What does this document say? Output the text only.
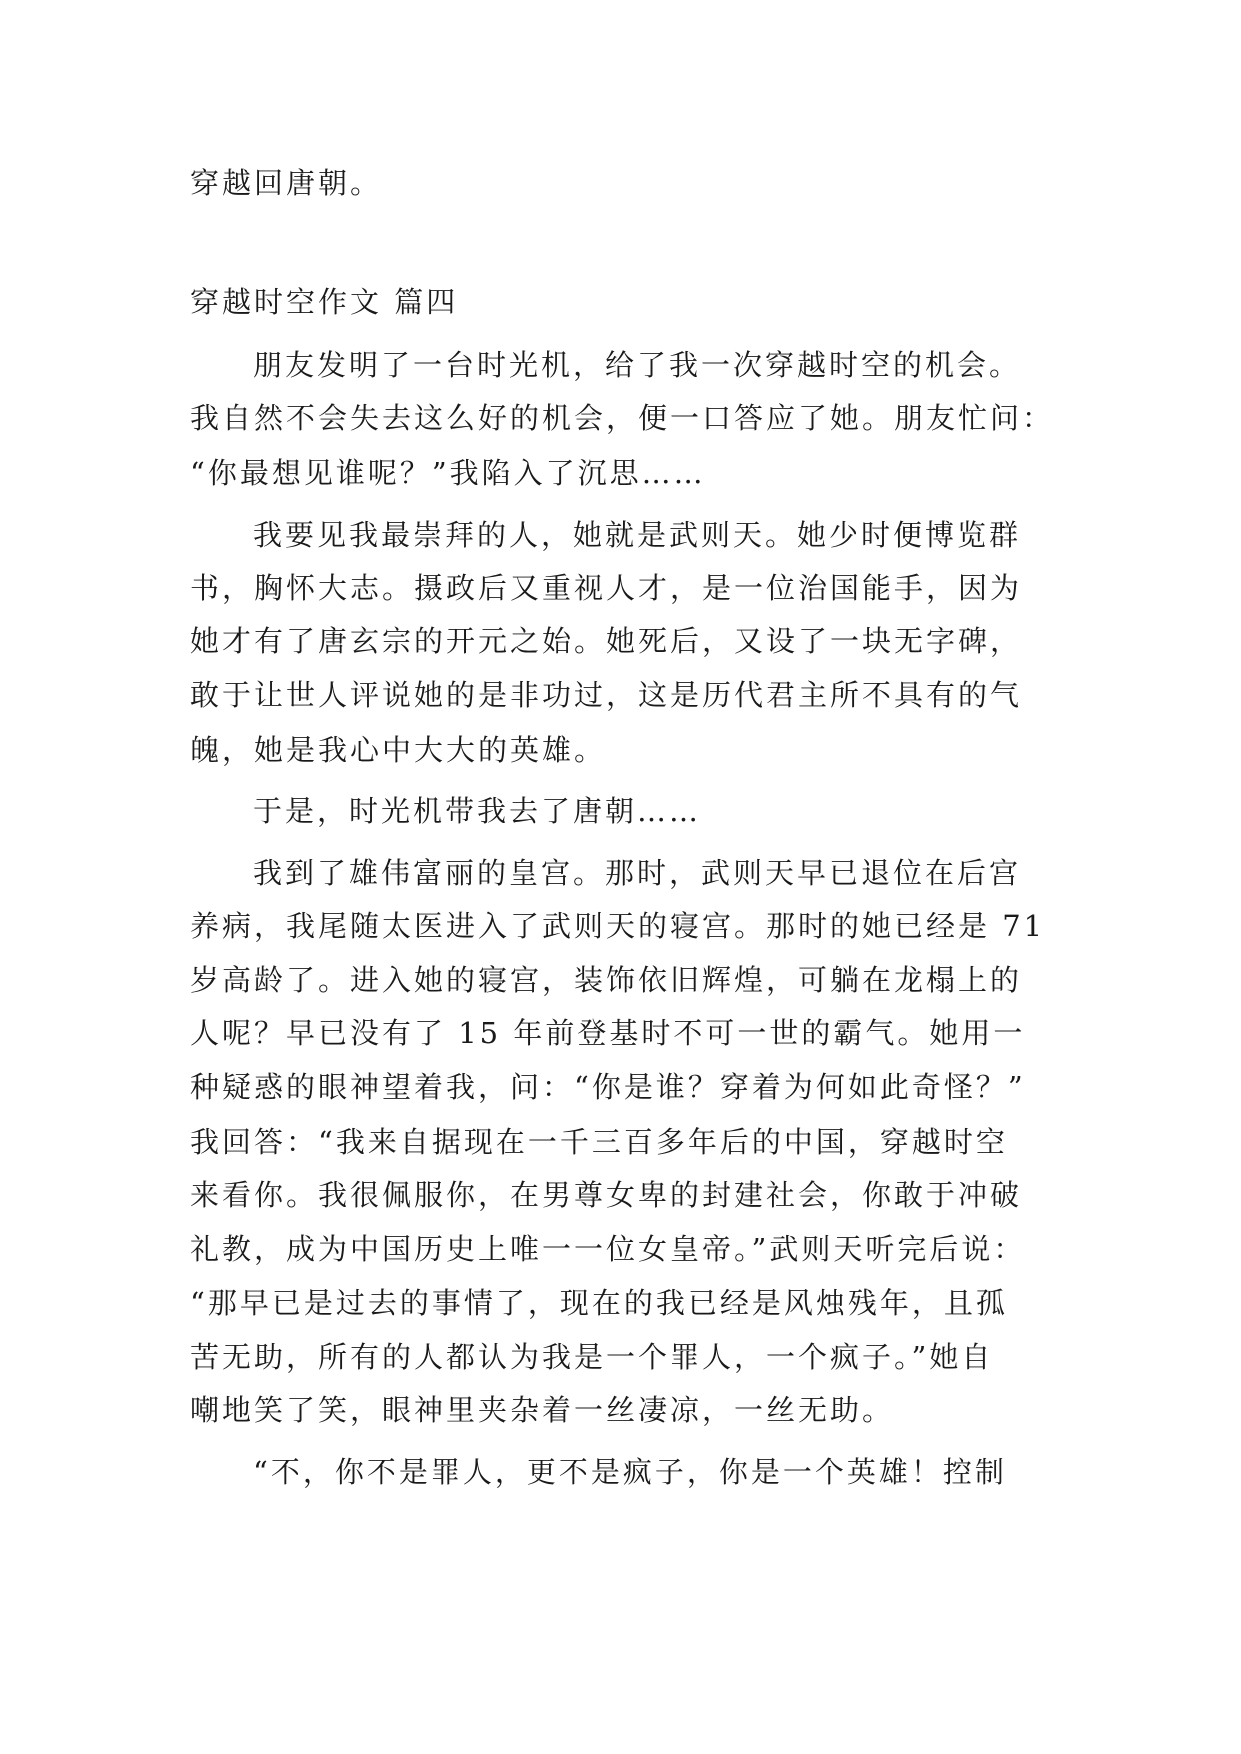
穿越回唐朝。
穿越时空作文 篇四
朋友发明了一台时光机，给了我一次穿越时空的机会。
我自然不会失去这么好的机会，便一口答应了她。朋友忙问：
“你最想见谁呢？”我陷入了沉思……
我要见我最崇拜的人，她就是武则天。她少时便博览群
书，胸怀大志。摄政后又重视人才，是一位治国能手，因为
她才有了唐玄宗的开元之始。她死后，又设了一块无字碑，
敢于让世人评说她的是非功过，这是历代君主所不具有的气
魄，她是我心中大大的英雄。
于是，时光机带我去了唐朝……
我到了雄伟富丽的皇宫。那时，武则天早已退位在后宫
养病，我尾随太医进入了武则天的寝宫。那时的她已经是 71
岁高龄了。进入她的寝宫，装饰依旧辉煌，可躺在龙榻上的
人呢？早已没有了 15 年前登基时不可一世的霸气。她用一
种疑惑的眼神望着我，问：“你是谁？穿着为何如此奇怪？”
我回答：“我来自据现在一千三百多年后的中国，穿越时空
来看你。我很佩服你，在男尊女卑的封建社会，你敢于冲破
礼教，成为中国历史上唯一一位女皇帝。”武则天听完后说：
“那早已是过去的事情了，现在的我已经是风烛残年，且孤
苦无助，所有的人都认为我是一个罪人，一个疯子。”她自
嘲地笑了笑，眼神里夹杂着一丝凄凉，一丝无助。
“不，你不是罪人，更不是疯子，你是一个英雄！控制
